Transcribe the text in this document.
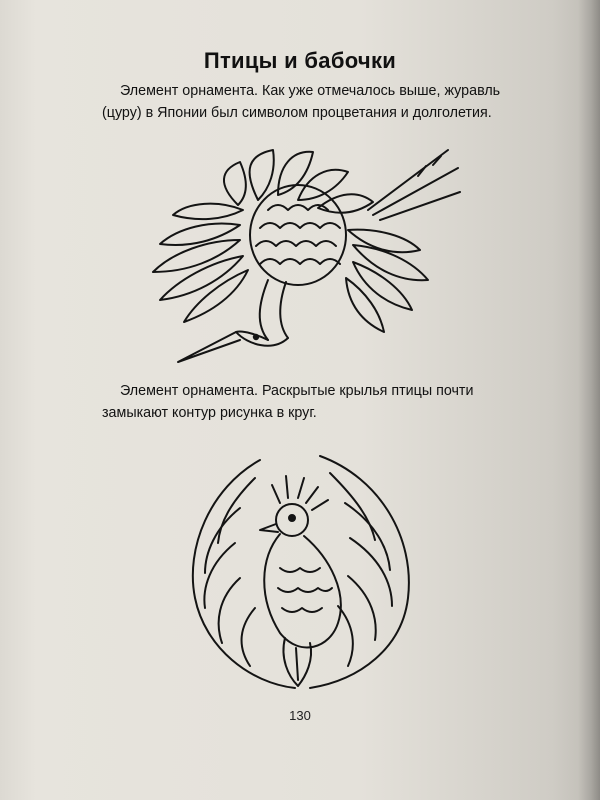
Птицы и бабочки
Элемент орнамента. Как уже отмечалось выше, журавль (цуру) в Японии был символом процветания и долголетия.
Элемент орнамента. Раскрытые крылья птицы почти замыкают контур рисунка в круг.
130
